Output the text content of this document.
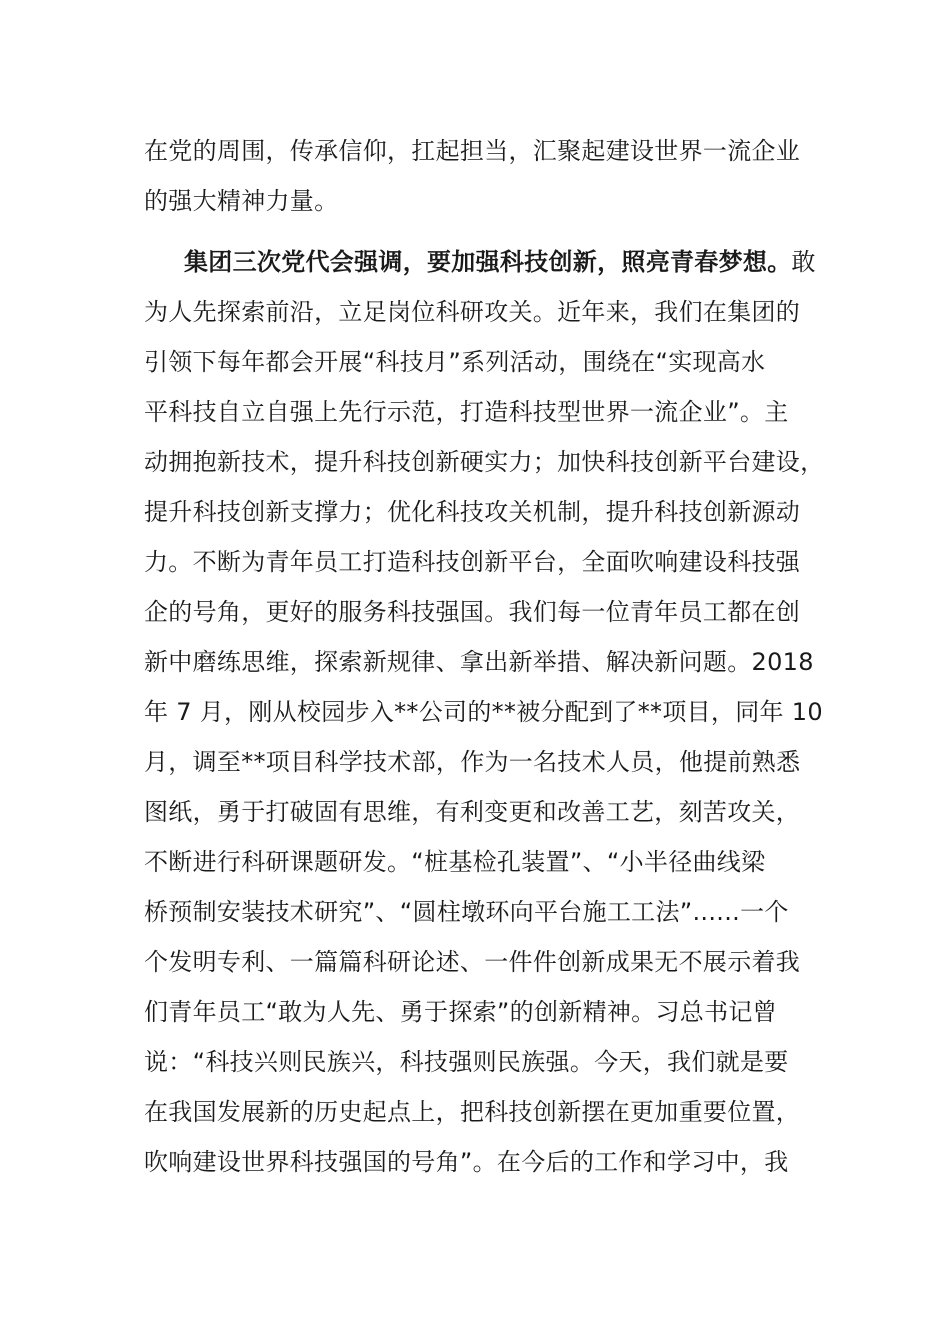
在党的周围，传承信仰，扛起担当，汇聚起建设世界一流企业
的强大精神力量。
集团三次党代会强调，要加强科技创新，照亮青春梦想。敢
为人先探索前沿，立足岗位科研攻关。近年来，我们在集团的
引领下每年都会开展“科技月”系列活动，围绕在“实现高水
平科技自立自强上先行示范，打造科技型世界一流企业”。主
动拥抱新技术，提升科技创新硬实力；加快科技创新平台建设，
提升科技创新支撑力；优化科技攻关机制，提升科技创新源动
力。不断为青年员工打造科技创新平台，全面吹响建设科技强
企的号角，更好的服务科技强国。我们每一位青年员工都在创
新中磨练思维，探索新规律、拿出新举措、解决新问题。2018
年 7 月，刚从校园步入**公司的**被分配到了**项目，同年 10
月，调至**项目科学技术部，作为一名技术人员，他提前熟悉
图纸，勇于打破固有思维，有利变更和改善工艺，刻苦攻关，
不断进行科研课题研发。“桩基检孔装置”、“小半径曲线梁
桥预制安装技术研究”、“圆柱墩环向平台施工工法”......一个
个发明专利、一篇篇科研论述、一件件创新成果无不展示着我
们青年员工“敢为人先、勇于探索”的创新精神。习总书记曾
说：“科技兴则民族兴，科技强则民族强。今天，我们就是要
在我国发展新的历史起点上，把科技创新摆在更加重要位置，
吹响建设世界科技强国的号角”。在今后的工作和学习中，我
